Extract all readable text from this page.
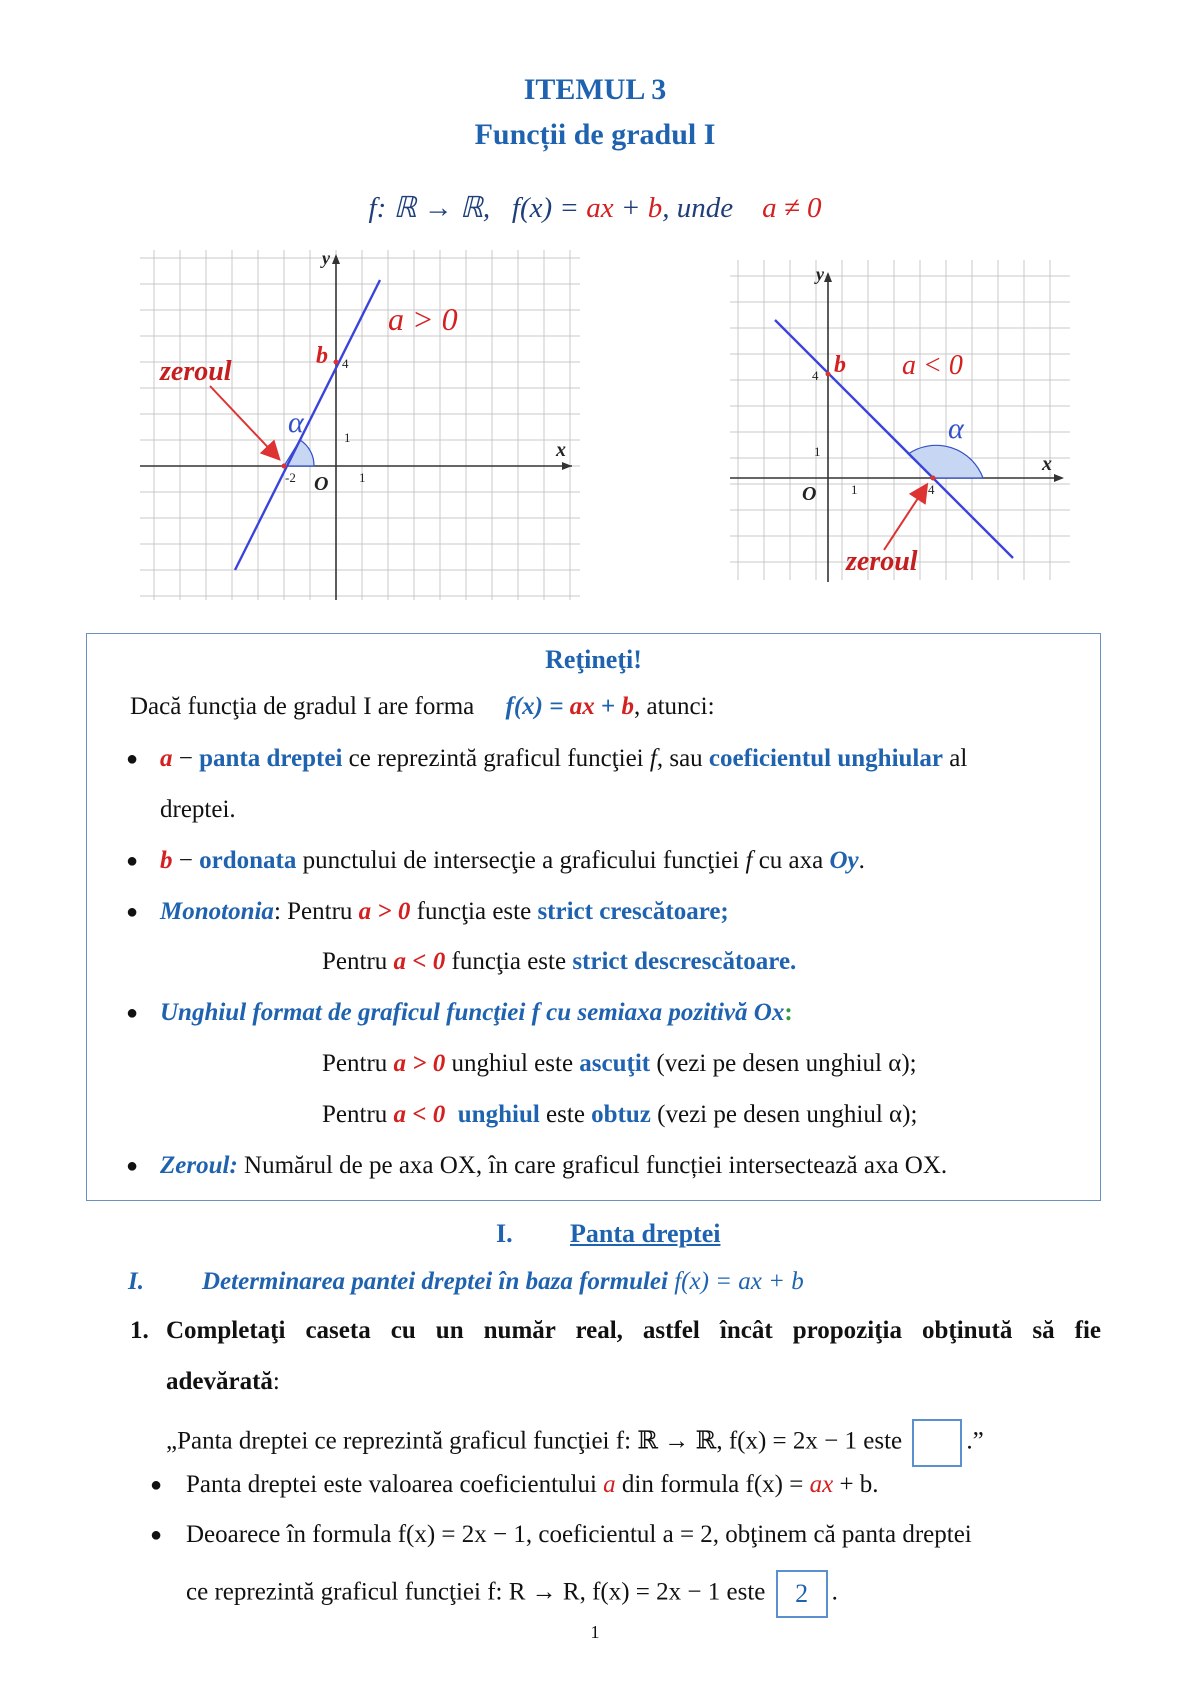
ITEMUL 3
Funcții de gradul I
f: ℝ → ℝ, f(x) = ax + b, unde a ≠ 0
y
x
O
b
α
a > 0
zeroul	4
1
1
-2
y
x
O
b
α
a < 0
zeroul
4
1
1	4
Reţineţi!
Dacă funcţia de gradul I are forma f(x) = ax + b, atunci:
● a − panta dreptei ce reprezintă graficul funcţiei f, sau coeficientul unghiular al
dreptei.
● b − ordonata punctului de intersecţie a graficului funcţiei f cu axa Oy.
● Monotonia: Pentru a > 0 funcţia este strict crescătoare;
Pentru a < 0 funcţia este strict descrescătoare.
● Unghiul format de graficul funcţiei f cu semiaxa pozitivă Ox:
Pentru a > 0 unghiul este ascuţit (vezi pe desen unghiul α);
Pentru a < 0 unghiul este obtuz (vezi pe desen unghiul α);
● Zeroul: Numărul de pe axa OX, în care graficul funcției intersectează axa OX.
I. Panta dreptei
I. Determinarea pantei dreptei în baza formulei f(x) = ax + b
1. Completaţi caseta cu un număr real, astfel încât propoziţia obţinută să fie
adevărată:
„Panta dreptei ce reprezintă graficul funcţiei f: ℝ → ℝ, f(x) = 2x − 1 este	.”
● Panta dreptei este valoarea coeficientului a din formula f(x) = ax + b.
● Deoarece în formula f(x) = 2x − 1, coeficientul a = 2, obţinem că panta dreptei
ce reprezintă graficul funcţiei f: R → R, f(x) = 2x − 1 este 2 .
1
